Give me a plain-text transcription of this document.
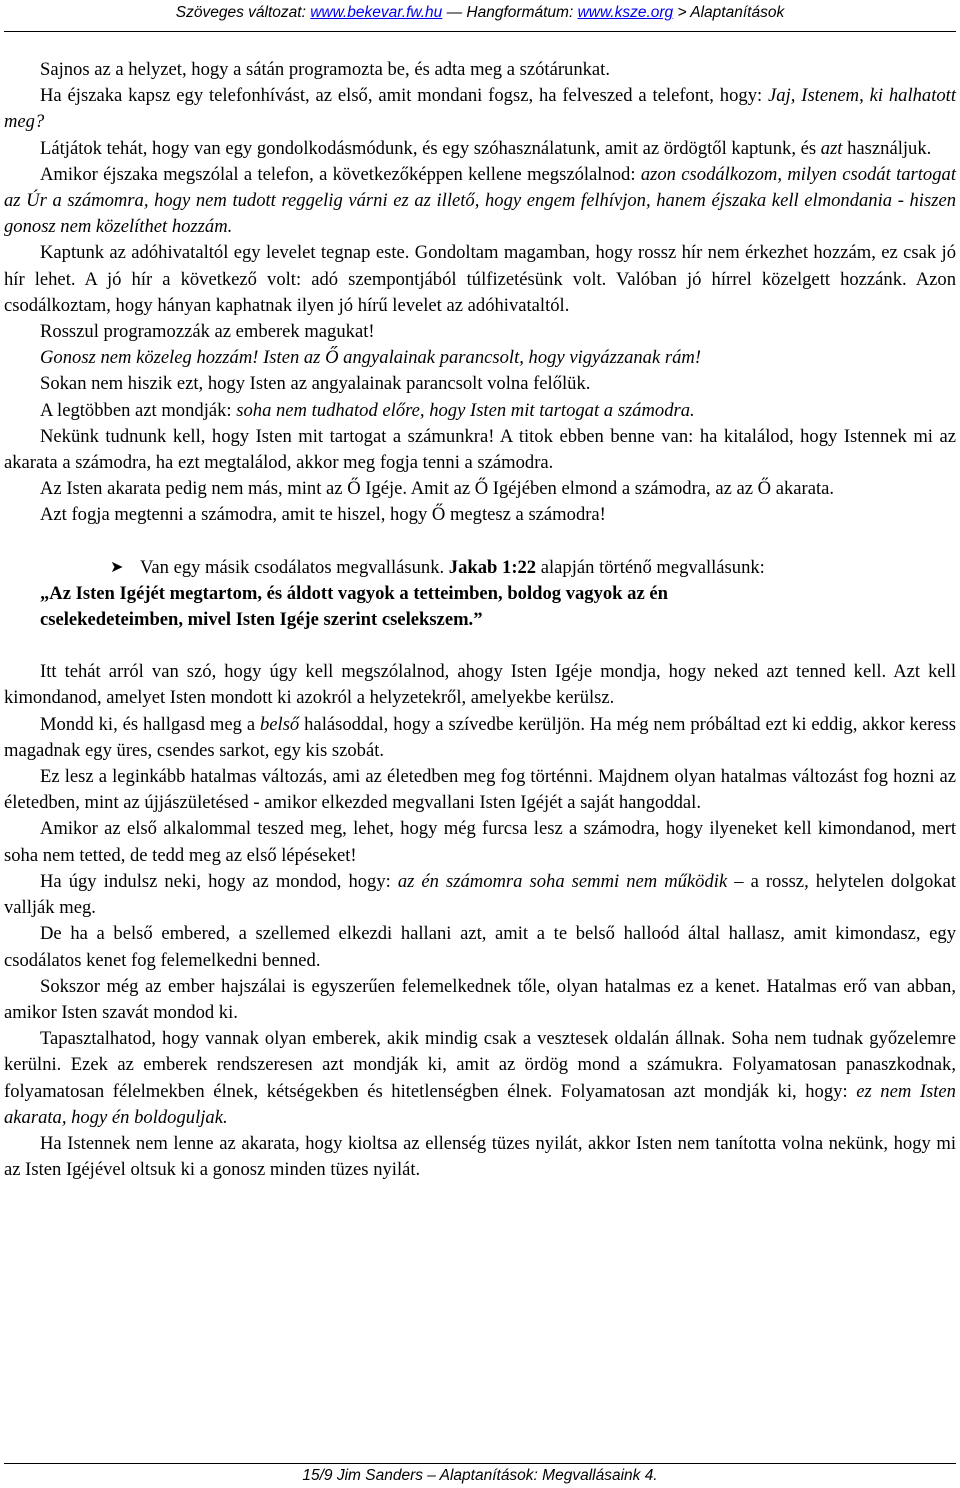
Szöveges változat: www.bekevar.fw.hu — Hangformátum: www.ksze.org > Alaptanítások

Sajnos az a helyzet, hogy a sátán programozta be, és adta meg a szótárunkat.

Ha éjszaka kapsz egy telefonhívást, az első, amit mondani fogsz, ha felveszed a telefont, hogy: Jaj, Istenem, ki halhatott meg?

Látjátok tehát, hogy van egy gondolkodásmódunk, és egy szóhasználatunk, amit az ördögtől kaptunk, és azt használjuk.

Amikor éjszaka megszólal a telefon, a következőképpen kellene megszólalnod: azon csodálkozom, milyen csodát tartogat az Úr a számomra, hogy nem tudott reggelig várni ez az illető, hogy engem felhívjon, hanem éjszaka kell elmondania - hiszen gonosz nem közelíthet hozzám.

Kaptunk az adóhivataltól egy levelet tegnap este. Gondoltam magamban, hogy rossz hír nem érkezhet hozzám, ez csak jó hír lehet. A jó hír a következő volt: adó szempontjából túlfizetésünk volt. Valóban jó hírrel közelgett hozzánk. Azon csodálkoztam, hogy hányan kaphatnak ilyen jó hírű levelet az adóhivataltól.

Rosszul programozzák az emberek magukat!

Gonosz nem közeleg hozzám! Isten az Ő angyalainak parancsolt, hogy vigyázzanak rám!

Sokan nem hiszik ezt, hogy Isten az angyalainak parancsolt volna felőlük.

A legtöbben azt mondják: soha nem tudhatod előre, hogy Isten mit tartogat a számodra.

Nekünk tudnunk kell, hogy Isten mit tartogat a számunkra! A titok ebben benne van: ha kitalálod, hogy Istennek mi az akarata a számodra, ha ezt megtalálod, akkor meg fogja tenni a számodra.

Az Isten akarata pedig nem más, mint az Ő Igéje. Amit az Ő Igéjében elmond a számodra, az az Ő akarata.

Azt fogja megtenni a számodra, amit te hiszel, hogy Ő megtesz a számodra!

➤ Van egy másik csodálatos megvallásunk. Jakab 1:22 alapján történő megvallásunk:

„Az Isten Igéjét megtartom, és áldott vagyok a tetteimben, boldog vagyok az én

cselekedeteimben, mivel Isten Igéje szerint cselekszem.”

Itt tehát arról van szó, hogy úgy kell megszólalnod, ahogy Isten Igéje mondja, hogy neked azt tenned kell. Azt kell kimondanod, amelyet Isten mondott ki azokról a helyzetekről, amelyekbe kerülsz.

Mondd ki, és hallgasd meg a belső halásoddal, hogy a szívedbe kerüljön. Ha még nem próbáltad ezt ki eddig, akkor keress magadnak egy üres, csendes sarkot, egy kis szobát.

Ez lesz a leginkább hatalmas változás, ami az életedben meg fog történni. Majdnem olyan hatalmas változást fog hozni az életedben, mint az újjászületésed - amikor elkezded megvallani Isten Igéjét a saját hangoddal.

Amikor az első alkalommal teszed meg, lehet, hogy még furcsa lesz a számodra, hogy ilyeneket kell kimondanod, mert soha nem tetted, de tedd meg az első lépéseket!

Ha úgy indulsz neki, hogy az mondod, hogy: az én számomra soha semmi nem működik – a rossz, helytelen dolgokat vallják meg.

De ha a belső embered, a szellemed elkezdi hallani azt, amit a te belső halloód által hallasz, amit kimondasz, egy csodálatos kenet fog felemelkedni benned.

Sokszor még az ember hajszálai is egyszerűen felemelkednek tőle, olyan hatalmas ez a kenet. Hatalmas erő van abban, amikor Isten szavát mondod ki.

Tapasztalhatod, hogy vannak olyan emberek, akik mindig csak a vesztesek oldalán állnak. Soha nem tudnak győzelemre kerülni. Ezek az emberek rendszeresen azt mondják ki, amit az ördög mond a számukra. Folyamatosan panaszkodnak, folyamatosan félelmekben élnek, kétségekben és hitetlenségben élnek. Folyamatosan azt mondják ki, hogy: ez nem Isten akarata, hogy én boldoguljak.

Ha Istennek nem lenne az akarata, hogy kioltsa az ellenség tüzes nyilát, akkor Isten nem tanította volna nekünk, hogy mi az Isten Igéjével oltsuk ki a gonosz minden tüzes nyilát.

15/9 Jim Sanders – Alaptanítások: Megvallásaink 4.
